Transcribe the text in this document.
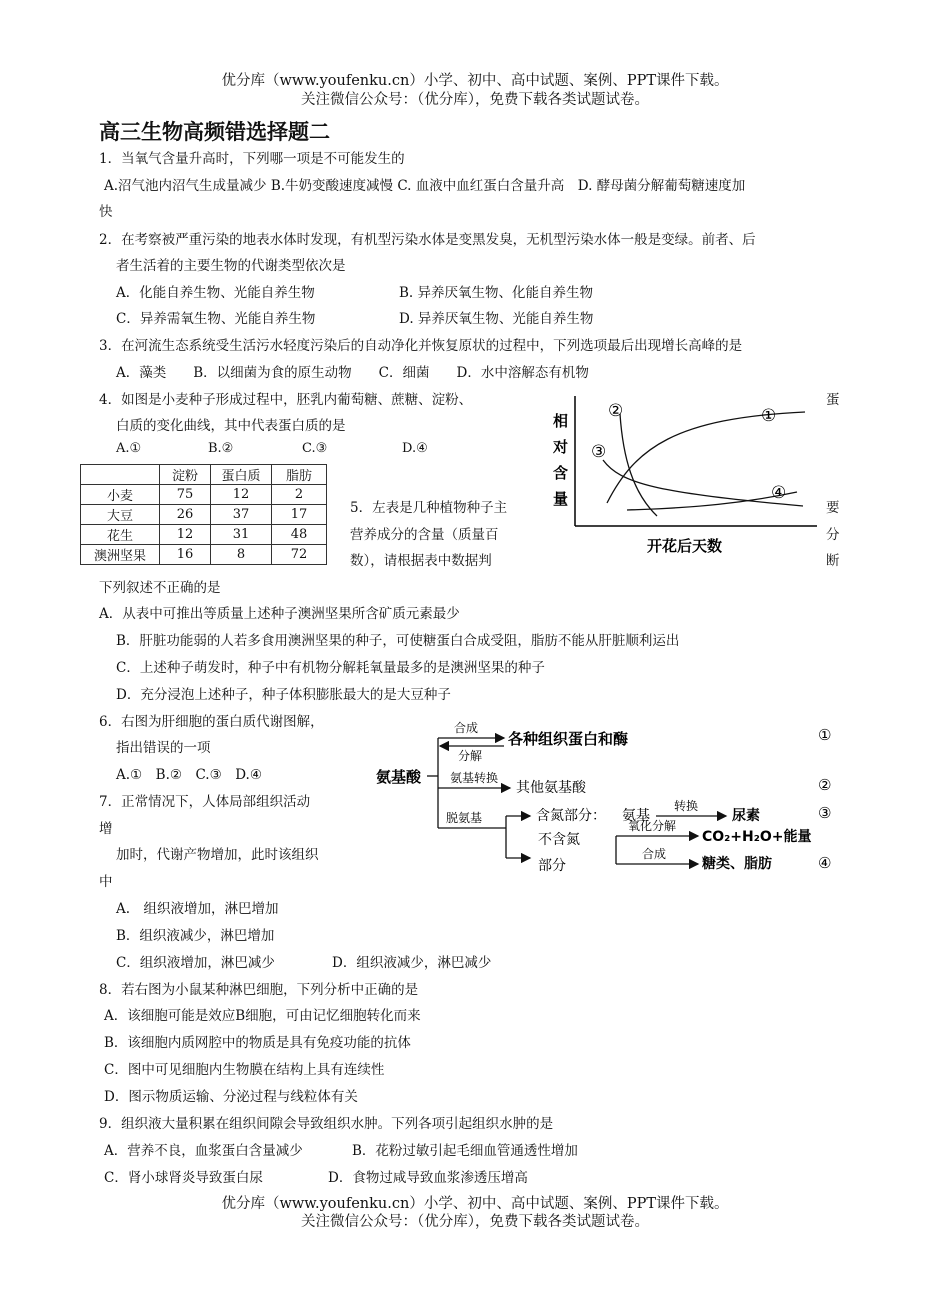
优分库（www.youfenku.cn）小学、初中、高中试题、案例、PPT课件下载。
关注微信公众号：（优分库），免费下载各类试题试卷。
高三生物高频错选择题二
1．当氧气含量升高时，下列哪一项是不可能发生的
A.沼气池内沼气生成量减少 B.牛奶变酸速度减慢 C. 血液中血红蛋白含量升高　D. 酵母菌分解葡萄糖速度加
快
2．在考察被严重污染的地表水体时发现，有机型污染水体是变黑发臭，无机型污染水体一般是变绿。前者、后
者生活着的主要生物的代谢类型依次是
A．化能自养生物、光能自养生物	B. 异养厌氧生物、化能自养生物
C．异养需氧生物、光能自养生物	D. 异养厌氧生物、光能自养生物
3．在河流生态系统受生活污水轻度污染后的自动净化并恢复原状的过程中，下列选项最后出现增长高峰的是
A．藻类　　B．以细菌为食的原生动物　　C．细菌　　D．水中溶解态有机物
4．如图是小麦种子形成过程中，胚乳内葡萄糖、蔗糖、淀粉、	蛋
白质的变化曲线，其中代表蛋白质的是
A.①	B.②	C.③	D.④
相
对
含
量
①
②
③
④
开花后天数
	淀粉	蛋白质	脂肪
小麦	75	12	2
大豆	26	37	17
花生	12	31	48
澳洲坚果	16	8	72
5．左表是几种植物种子主	要
营养成分的含量（质量百	分
数），请根据表中数据判	断
下列叙述不正确的是
A．从表中可推出等质量上述种子澳洲坚果所含矿质元素最少
B．肝脏功能弱的人若多食用澳洲坚果的种子，可使糖蛋白合成受阻，脂肪不能从肝脏顺利运出
C．上述种子萌发时，种子中有机物分解耗氧量最多的是澳洲坚果的种子
D．充分浸泡上述种子，种子体积膨胀最大的是大豆种子
6．右图为肝细胞的蛋白质代谢图解，
指出错误的一项
A.①　B.②　C.③　D.④	氨基酸
合成
分解
各种组织蛋白和酶
氨基转换
其他氨基酸
脱氨基	含氮部分： 氨基
转换
尿素
不含氮
部分
氧化分解
CO₂+H₂O+能量
合成
糖类、脂肪
①
②
③
④
7．正常情况下，人体局部组织活动
增
加时，代谢产物增加，此时该组织
中
A.　组织液增加，淋巴增加
B．组织液减少，淋巴增加
C．组织液增加，淋巴减少	D．组织液减少，淋巴减少
8．若右图为小鼠某种淋巴细胞，下列分析中正确的是
A．该细胞可能是效应B细胞，可由记忆细胞转化而来
B．该细胞内质网腔中的物质是具有免疫功能的抗体
C．图中可见细胞内生物膜在结构上具有连续性
D．图示物质运输、分泌过程与线粒体有关
9．组织液大量积累在组织间隙会导致组织水肿。下列各项引起组织水肿的是
A．营养不良，血浆蛋白含量减少	B．花粉过敏引起毛细血管通透性增加
C．肾小球肾炎导致蛋白尿	D．食物过咸导致血浆渗透压增高
优分库（www.youfenku.cn）小学、初中、高中试题、案例、PPT课件下载。
关注微信公众号：（优分库），免费下载各类试题试卷。
